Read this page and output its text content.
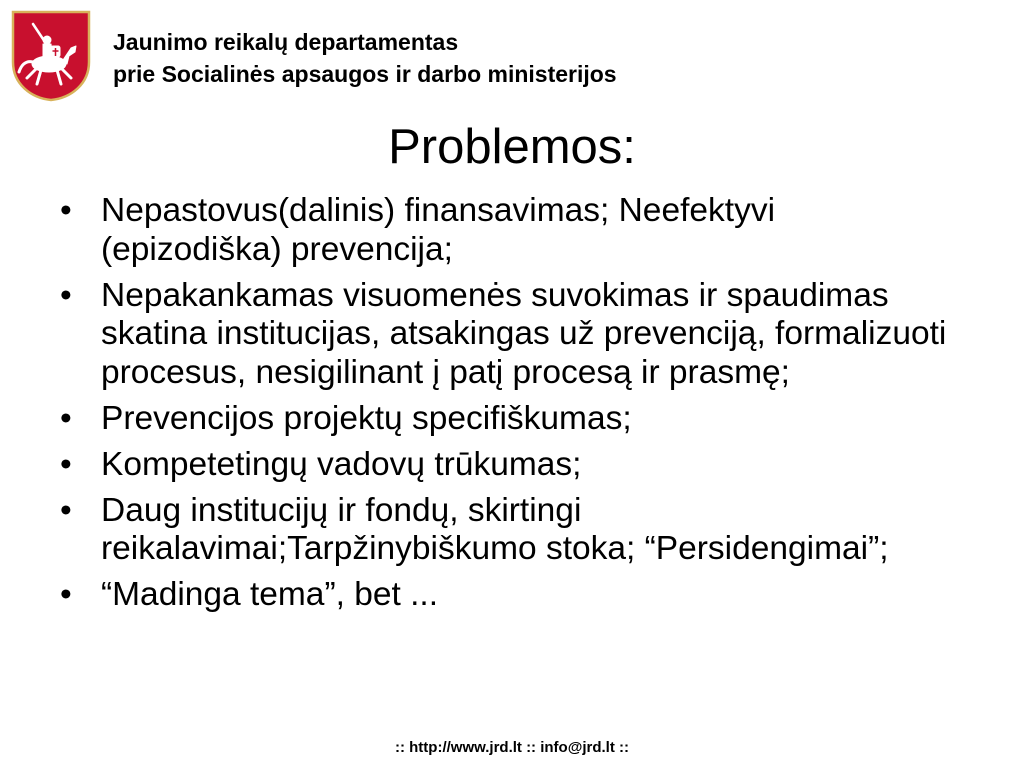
Jaunimo reikalų departamentas
prie Socialinės apsaugos ir darbo ministerijos
Problemos:
• Nepastovus(dalinis) finansavimas; Neefektyvi (epizodiška) prevencija;
• Nepakankamas visuomenės suvokimas ir spaudimas skatina institucijas, atsakingas už prevenciją, formalizuoti procesus, nesigilinant į patį procesą ir prasmę;
• Prevencijos projektų specifiškumas;
• Kompetetingų vadovų trūkumas;
• Daug institucijų ir fondų, skirtingi reikalavimai;Tarpžinybiškumo stoka; “Persidengimai”;
• “Madinga tema”, bet ...
:: http://www.jrd.lt :: info@jrd.lt ::
